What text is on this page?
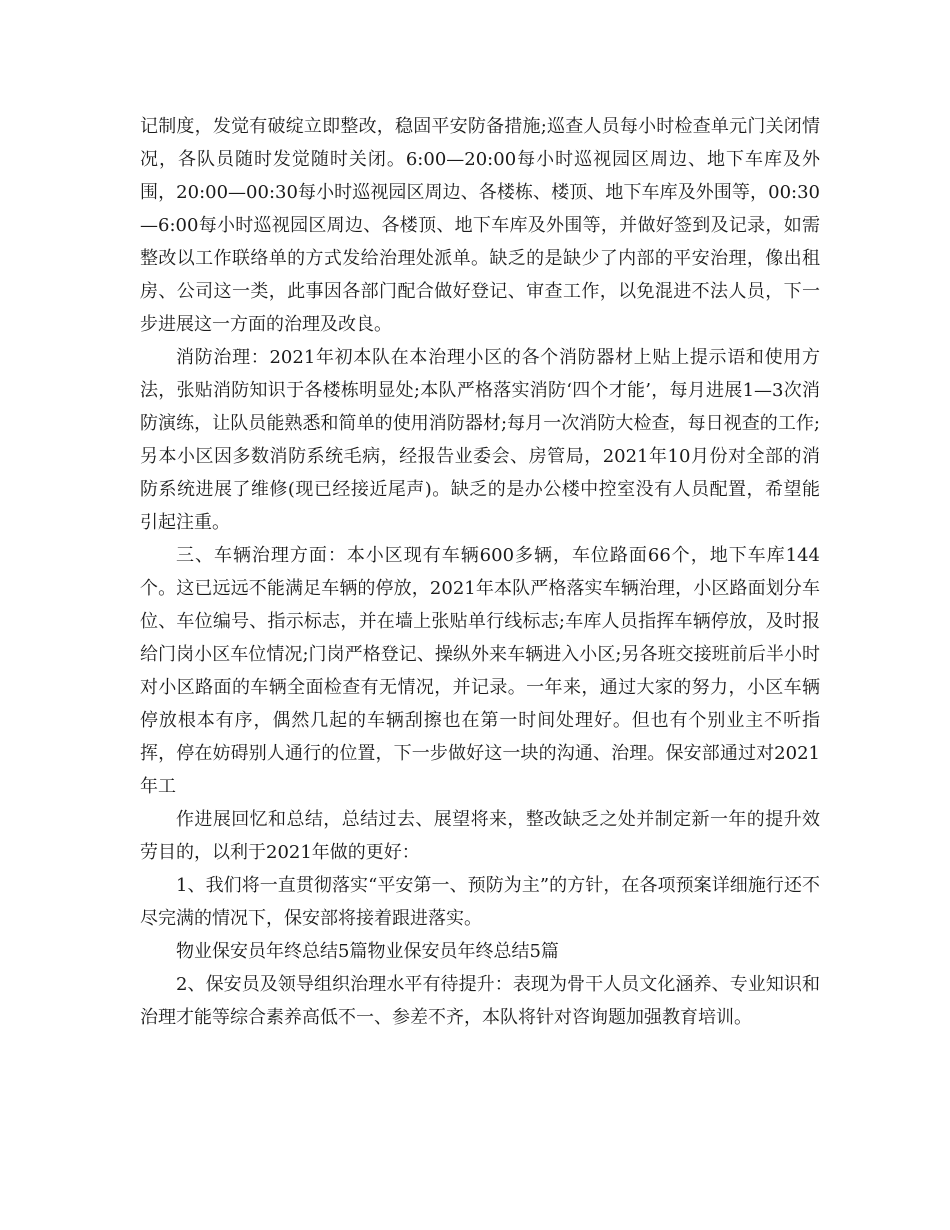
记制度，发觉有破绽立即整改，稳固平安防备措施;巡查人员每小时检查单元门关闭情况，各队员随时发觉随时关闭。6:00—20:00每小时巡视园区周边、地下车库及外围，20:00—00:30每小时巡视园区周边、各楼栋、楼顶、地下车库及外围等，00:30—6:00每小时巡视园区周边、各楼顶、地下车库及外围等，并做好签到及记录，如需整改以工作联络单的方式发给治理处派单。缺乏的是缺少了内部的平安治理，像出租房、公司这一类，此事因各部门配合做好登记、审查工作，以免混进不法人员，下一步进展这一方面的治理及改良。

消防治理：2021年初本队在本治理小区的各个消防器材上贴上提示语和使用方法，张贴消防知识于各楼栋明显处;本队严格落实消防‘四个才能’，每月进展1—3次消防演练，让队员能熟悉和简单的使用消防器材;每月一次消防大检查，每日视查的工作;另本小区因多数消防系统毛病，经报告业委会、房管局，2021年10月份对全部的消防系统进展了维修(现已经接近尾声)。缺乏的是办公楼中控室没有人员配置，希望能引起注重。

三、车辆治理方面：本小区现有车辆600多辆，车位路面66个，地下车库144个。这已远远不能满足车辆的停放，2021年本队严格落实车辆治理，小区路面划分车位、车位编号、指示标志，并在墙上张贴单行线标志;车库人员指挥车辆停放，及时报给门岗小区车位情况;门岗严格登记、操纵外来车辆进入小区;另各班交接班前后半小时对小区路面的车辆全面检查有无情况，并记录。一年来，通过大家的努力，小区车辆停放根本有序，偶然几起的车辆刮擦也在第一时间处理好。但也有个别业主不听指挥，停在妨碍别人通行的位置，下一步做好这一块的沟通、治理。保安部通过对2021年工

作进展回忆和总结，总结过去、展望将来，整改缺乏之处并制定新一年的提升效劳目的，以利于2021年做的更好：

1、我们将一直贯彻落实“平安第一、预防为主”的方针，在各项预案详细施行还不尽完满的情况下，保安部将接着跟进落实。

物业保安员年终总结5篇物业保安员年终总结5篇

2、保安员及领导组织治理水平有待提升：表现为骨干人员文化涵养、专业知识和治理才能等综合素养高低不一、参差不齐，本队将针对咨询题加强教育培训。
